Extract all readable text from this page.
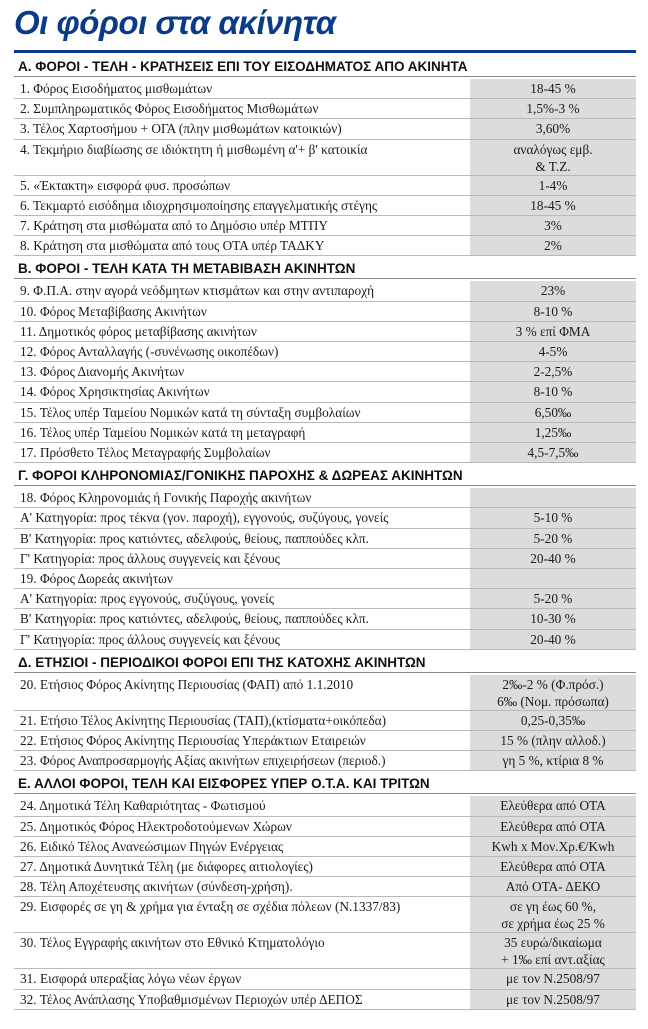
Οι φόροι στα ακίνητα
Α. ΦΟΡΟΙ - ΤΕΛΗ - ΚΡΑΤΗΣΕΙΣ ΕΠΙ ΤΟΥ ΕΙΣΟΔΗΜΑΤΟΣ ΑΠΟ ΑΚΙΝΗΤΑ
1. Φόρος Εισοδήματος μισθωμάτων	18-45 %
2. Συμπληρωματικός Φόρος Εισοδήματος Μισθωμάτων	1,5%-3 %
3. Τέλος Χαρτοσήμου + ΟΓΑ (πλην μισθωμάτων κατοικιών)	3,60%
4. Τεκμήριο διαβίωσης σε ιδιόκτητη ή μισθωμένη α'+ β' κατοικία	αναλόγως εμβ.
& Τ.Ζ.
5. «Έκτακτη» εισφορά φυσ. προσώπων	1-4%
6. Τεκμαρτό εισόδημα ιδιοχρησιμοποίησης επαγγελματικής στέγης	18-45 %
7. Κράτηση στα μισθώματα από το Δημόσιο υπέρ ΜΤΠΥ	3%
8. Κράτηση στα μισθώματα από τους ΟΤΑ υπέρ ΤΑΔΚΥ	2%
Β. ΦΟΡΟΙ - ΤΕΛΗ ΚΑΤΑ ΤΗ ΜΕΤΑΒΙΒΑΣΗ ΑΚΙΝΗΤΩΝ
9. Φ.Π.Α. στην αγορά νεόδμητων κτισμάτων και στην αντιπαροχή	23%
10. Φόρος Μεταβίβασης Ακινήτων	8-10 %
11. Δημοτικός φόρος μεταβίβασης ακινήτων	3 % επί ΦΜΑ
12. Φόρος Ανταλλαγής (-συνένωσης οικοπέδων)	4-5%
13. Φόρος Διανομής Ακινήτων	2-2,5%
14. Φόρος Χρησικτησίας Ακινήτων	8-10 %
15. Τέλος υπέρ Ταμείου Νομικών κατά τη σύνταξη συμβολαίων	6,50‰
16. Τέλος υπέρ Ταμείου Νομικών κατά τη μεταγραφή	1,25‰
17. Πρόσθετο Τέλος Μεταγραφής Συμβολαίων	4,5-7,5‰
Γ. ΦΟΡΟΙ ΚΛΗΡΟΝΟΜΙΑΣ/ΓΟΝΙΚΗΣ ΠΑΡΟΧΗΣ & ΔΩΡΕΑΣ ΑΚΙΝΗΤΩΝ
18. Φόρος Κληρονομιάς ή Γονικής Παροχής ακινήτων
Α' Κατηγορία: προς τέκνα (γον. παροχή), εγγονούς, συζύγους, γονείς	5-10 %
Β' Κατηγορία: προς κατιόντες, αδελφούς, θείους, παππούδες κλπ.	5-20 %
Γ' Κατηγορία: προς άλλους συγγενείς και ξένους	20-40 %
19. Φόρος Δωρεάς ακινήτων
Α' Κατηγορία: προς εγγονούς, συζύγους, γονείς	5-20 %
Β' Κατηγορία: προς κατιόντες, αδελφούς, θείους, παππούδες κλπ.	10-30 %
Γ' Κατηγορία: προς άλλους συγγενείς και ξένους	20-40 %
Δ. ΕΤΗΣΙΟΙ - ΠΕΡΙΟΔΙΚΟΙ ΦΟΡΟΙ ΕΠΙ ΤΗΣ ΚΑΤΟΧΗΣ ΑΚΙΝΗΤΩΝ
20. Ετήσιος Φόρος Ακίνητης Περιουσίας (ΦΑΠ) από 1.1.2010	2‰-2 % (Φ.πρόσ.)
6‰ (Νομ. πρόσωπα)
21. Ετήσιο Τέλος Ακίνητης Περιουσίας (ΤΑΠ),(κτίσματα+οικόπεδα)	0,25-0,35‰
22. Ετήσιος Φόρος Ακίνητης Περιουσίας Υπεράκτιων Εταιρειών	15 % (πλην αλλοδ.)
23. Φόρος Αναπροσαρμογής Αξίας ακινήτων επιχειρήσεων (περιοδ.)	γη 5 %, κτίρια 8 %
Ε. ΑΛΛΟΙ ΦΟΡΟΙ, ΤΕΛΗ ΚΑΙ ΕΙΣΦΟΡΕΣ ΥΠΕΡ Ο.Τ.Α. ΚΑΙ ΤΡΙΤΩΝ
24. Δημοτικά Τέλη Καθαριότητας - Φωτισμού	Ελεύθερα από ΟΤΑ
25. Δημοτικός Φόρος Ηλεκτροδοτούμενων Χώρων	Ελεύθερα από ΟΤΑ
26. Ειδικό Τέλος Ανανεώσιμων Πηγών Ενέργειας	Kwh x Μον.Χρ.€/Kwh
27. Δημοτικά Δυνητικά Τέλη (με διάφορες αιτιολογίες)	Ελεύθερα από ΟΤΑ
28. Τέλη Αποχέτευσης ακινήτων (σύνδεση-χρήση).	Από ΟΤΑ- ΔΕΚΟ
29. Εισφορές σε γη & χρήμα για ένταξη σε σχέδια πόλεων (Ν.1337/83)	σε γη έως 60 %,
σε χρήμα έως 25 %
30. Τέλος Εγγραφής ακινήτων στο Εθνικό Κτηματολόγιο	35 ευρώ/δικαίωμα
+ 1‰ επί αντ.αξίας
31. Εισφορά υπεραξίας λόγω νέων έργων	με τον Ν.2508/97
32. Τέλος Ανάπλασης Υποβαθμισμένων Περιοχών υπέρ ΔΕΠΟΣ	με τον Ν.2508/97
